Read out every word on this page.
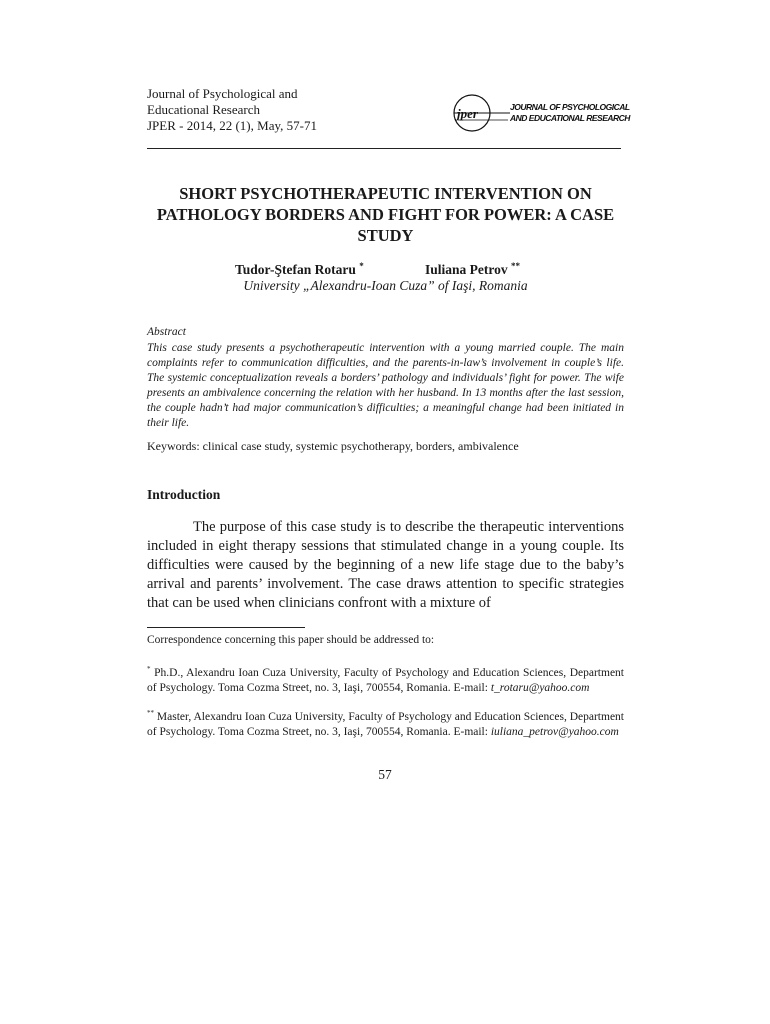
Journal of Psychological and
Educational Research
JPER - 2014, 22 (1), May, 57-71
jper	JOURNAL OF PSYCHOLOGICAL
AND EDUCATIONAL RESEARCH
SHORT PSYCHOTHERAPEUTIC INTERVENTION ON PATHOLOGY BORDERS AND FIGHT FOR POWER: A CASE STUDY
Tudor-Ştefan Rotaru *	Iuliana Petrov **
University „Alexandru-Ioan Cuza” of Iaşi, Romania
Abstract
This case study presents a psychotherapeutic intervention with a young married couple. The main complaints refer to communication difficulties, and the parents-in-law’s involvement in couple’s life. The systemic conceptualization reveals a borders’ pathology and individuals’ fight for power. The wife presents an ambivalence concerning the relation with her husband. In 13 months after the last session, the couple hadn’t had major communication’s difficulties; a meaningful change had been initiated in their life.
Keywords: clinical case study, systemic psychotherapy, borders, ambivalence
Introduction
The purpose of this case study is to describe the therapeutic interventions included in eight therapy sessions that stimulated change in a young couple. Its difficulties were caused by the beginning of a new life stage due to the baby’s arrival and parents’ involvement. The case draws attention to specific strategies that can be used when clinicians confront with a mixture of
Correspondence concerning this paper should be addressed to:
* Ph.D., Alexandru Ioan Cuza University, Faculty of Psychology and Education Sciences, Department of Psychology. Toma Cozma Street, no. 3, Iaşi, 700554, Romania. E-mail: t_rotaru@yahoo.com
** Master, Alexandru Ioan Cuza University, Faculty of Psychology and Education Sciences, Department of Psychology. Toma Cozma Street, no. 3, Iaşi, 700554, Romania. E-mail: iuliana_petrov@yahoo.com
57
